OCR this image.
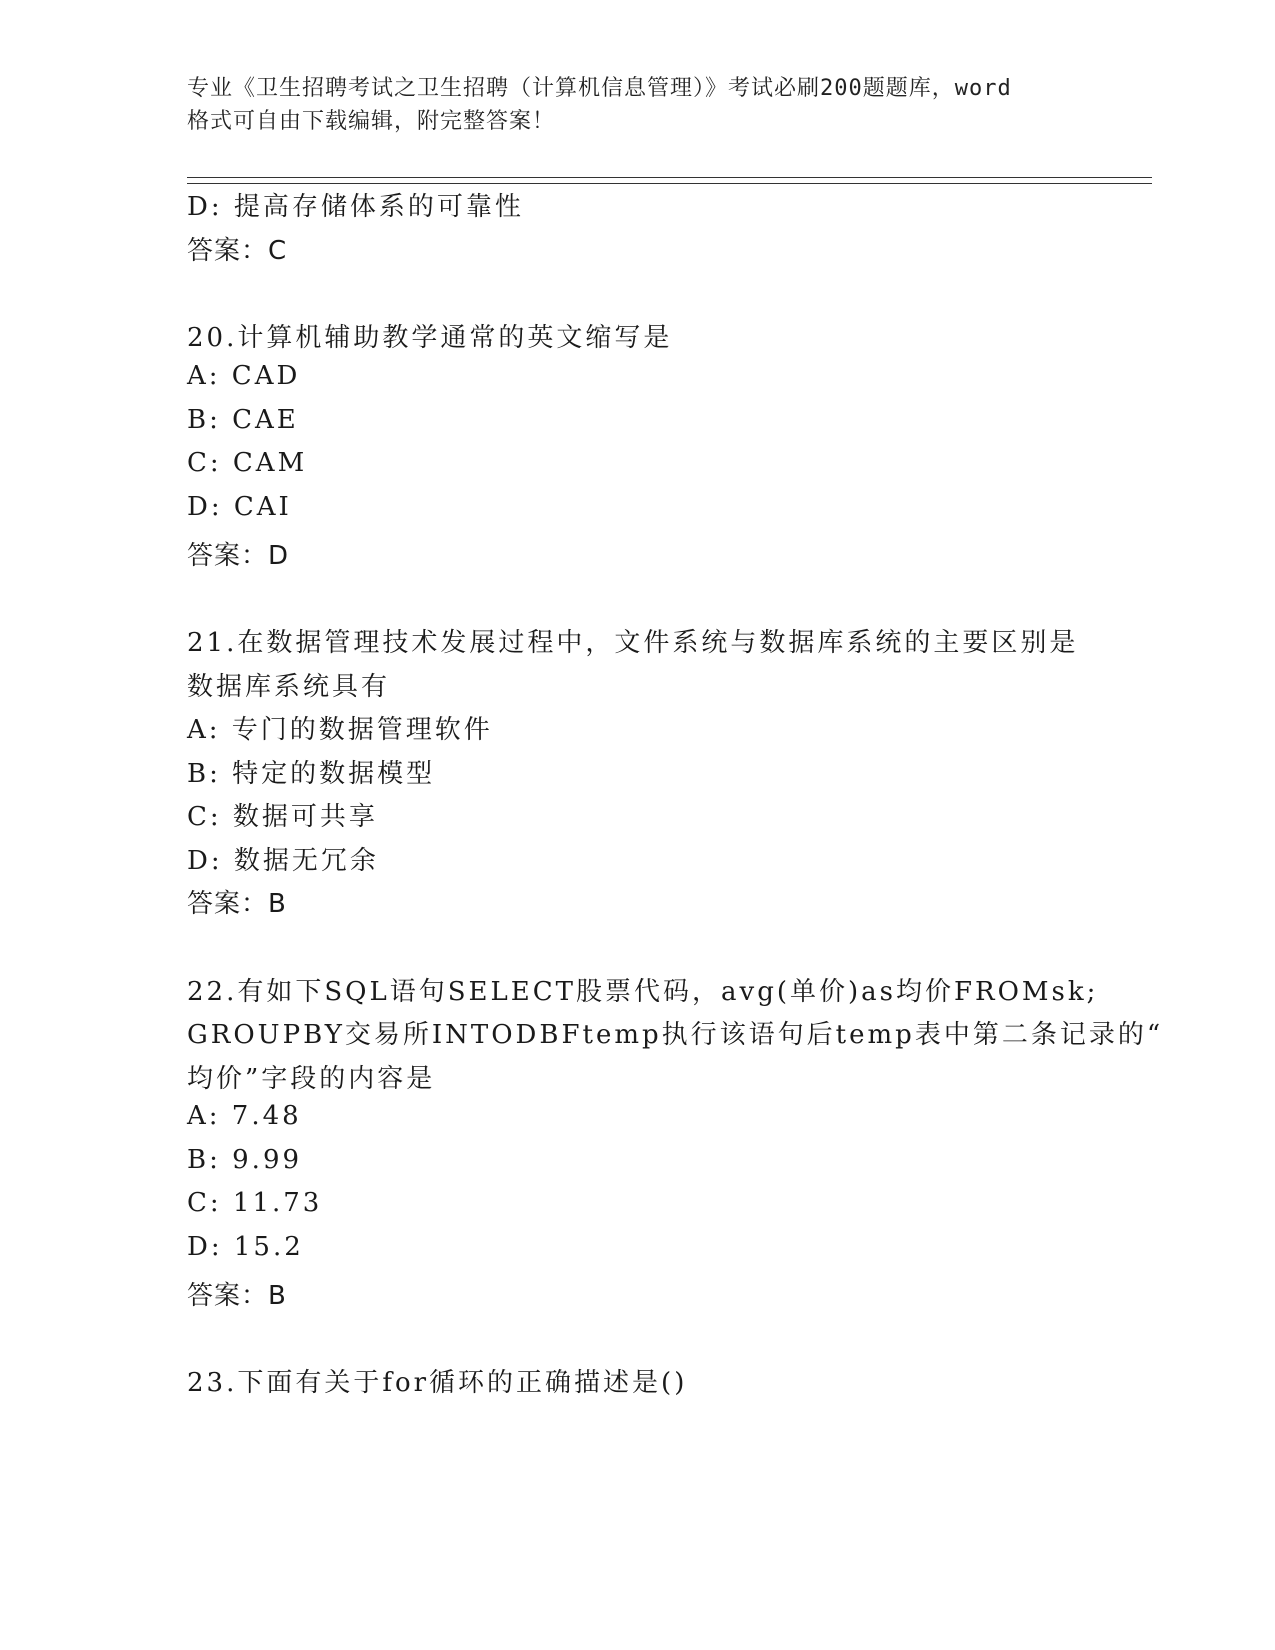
专业《卫生招聘考试之卫生招聘（计算机信息管理）》考试必刷200题题库，word
格式可自由下载编辑，附完整答案！
D: 提高存储体系的可靠性
答案：C
20.计算机辅助教学通常的英文缩写是
A: CAD
B: CAE
C: CAM
D: CAI
答案：D
21.在数据管理技术发展过程中，文件系统与数据库系统的主要区别是
数据库系统具有
A: 专门的数据管理软件
B: 特定的数据模型
C: 数据可共享
D: 数据无冗余
答案：B
22.有如下SQL语句SELECT股票代码，avg(单价)as均价FROMsk;
GROUPBY交易所INTODBFtemp执行该语句后temp表中第二条记录的“
均价”字段的内容是
A: 7.48
B: 9.99
C: 11.73
D: 15.2
答案：B
23.下面有关于for循环的正确描述是()
